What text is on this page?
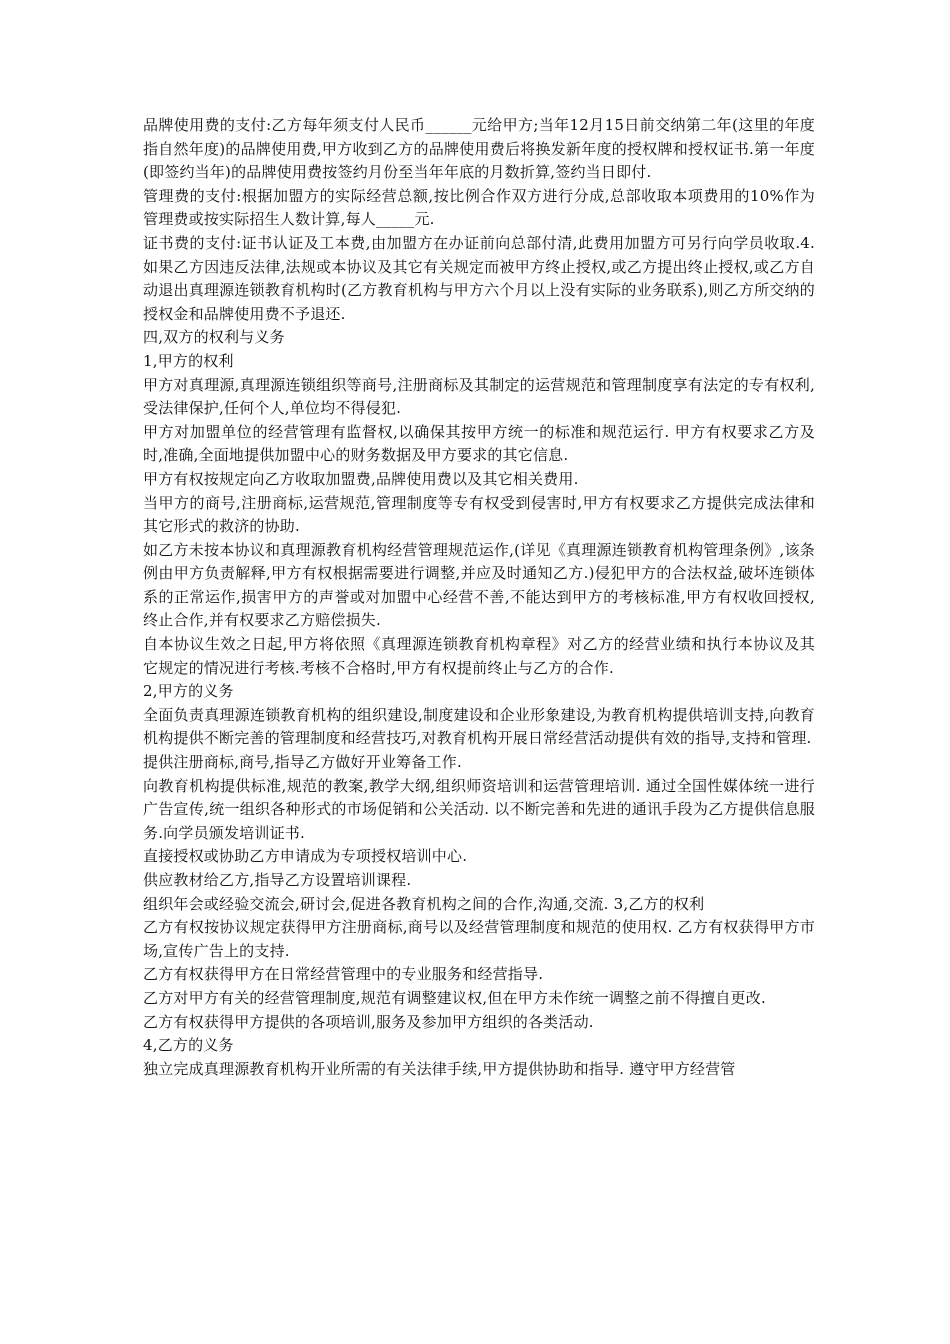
品牌使用费的支付:乙方每年须支付人民币______元给甲方;当年12月15日前交纳第二年(这里的年度指自然年度)的品牌使用费,甲方收到乙方的品牌使用费后将换发新年度的授权牌和授权证书.第一年度(即签约当年)的品牌使用费按签约月份至当年年底的月数折算,签约当日即付.

管理费的支付:根据加盟方的实际经营总额,按比例合作双方进行分成,总部收取本项费用的10%作为管理费或按实际招生人数计算,每人_____元.

证书费的支付:证书认证及工本费,由加盟方在办证前向总部付清,此费用加盟方可另行向学员收取.4. 如果乙方因违反法律,法规或本协议及其它有关规定而被甲方终止授权,或乙方提出终止授权,或乙方自动退出真理源连锁教育机构时(乙方教育机构与甲方六个月以上没有实际的业务联系),则乙方所交纳的授权金和品牌使用费不予退还.

四,双方的权利与义务

1,甲方的权利

甲方对真理源,真理源连锁组织等商号,注册商标及其制定的运营规范和管理制度享有法定的专有权利,受法律保护,任何个人,单位均不得侵犯.

甲方对加盟单位的经营管理有监督权,以确保其按甲方统一的标准和规范运行. 甲方有权要求乙方及时,准确,全面地提供加盟中心的财务数据及甲方要求的其它信息.

甲方有权按规定向乙方收取加盟费,品牌使用费以及其它相关费用.

当甲方的商号,注册商标,运营规范,管理制度等专有权受到侵害时,甲方有权要求乙方提供完成法律和其它形式的救济的协助.

如乙方未按本协议和真理源教育机构经营管理规范运作,(详见《真理源连锁教育机构管理条例》,该条例由甲方负责解释,甲方有权根据需要进行调整,并应及时通知乙方.)侵犯甲方的合法权益,破坏连锁体系的正常运作,损害甲方的声誉或对加盟中心经营不善,不能达到甲方的考核标准,甲方有权收回授权,终止合作,并有权要求乙方赔偿损失.

自本协议生效之日起,甲方将依照《真理源连锁教育机构章程》对乙方的经营业绩和执行本协议及其它规定的情况进行考核.考核不合格时,甲方有权提前终止与乙方的合作.

2,甲方的义务

全面负责真理源连锁教育机构的组织建设,制度建设和企业形象建设,为教育机构提供培训支持,向教育机构提供不断完善的管理制度和经营技巧,对教育机构开展日常经营活动提供有效的指导,支持和管理.

提供注册商标,商号,指导乙方做好开业筹备工作.

向教育机构提供标准,规范的教案,教学大纲,组织师资培训和运营管理培训. 通过全国性媒体统一进行广告宣传,统一组织各种形式的市场促销和公关活动. 以不断完善和先进的通讯手段为乙方提供信息服务.向学员颁发培训证书.

直接授权或协助乙方申请成为专项授权培训中心.

供应教材给乙方,指导乙方设置培训课程.

组织年会或经验交流会,研讨会,促进各教育机构之间的合作,沟通,交流. 3,乙方的权利

乙方有权按协议规定获得甲方注册商标,商号以及经营管理制度和规范的使用权. 乙方有权获得甲方市场,宣传广告上的支持.

乙方有权获得甲方在日常经营管理中的专业服务和经营指导.

乙方对甲方有关的经营管理制度,规范有调整建议权,但在甲方未作统一调整之前不得擅自更改.

乙方有权获得甲方提供的各项培训,服务及参加甲方组织的各类活动.

4,乙方的义务

独立完成真理源教育机构开业所需的有关法律手续,甲方提供协助和指导. 遵守甲方经营管
